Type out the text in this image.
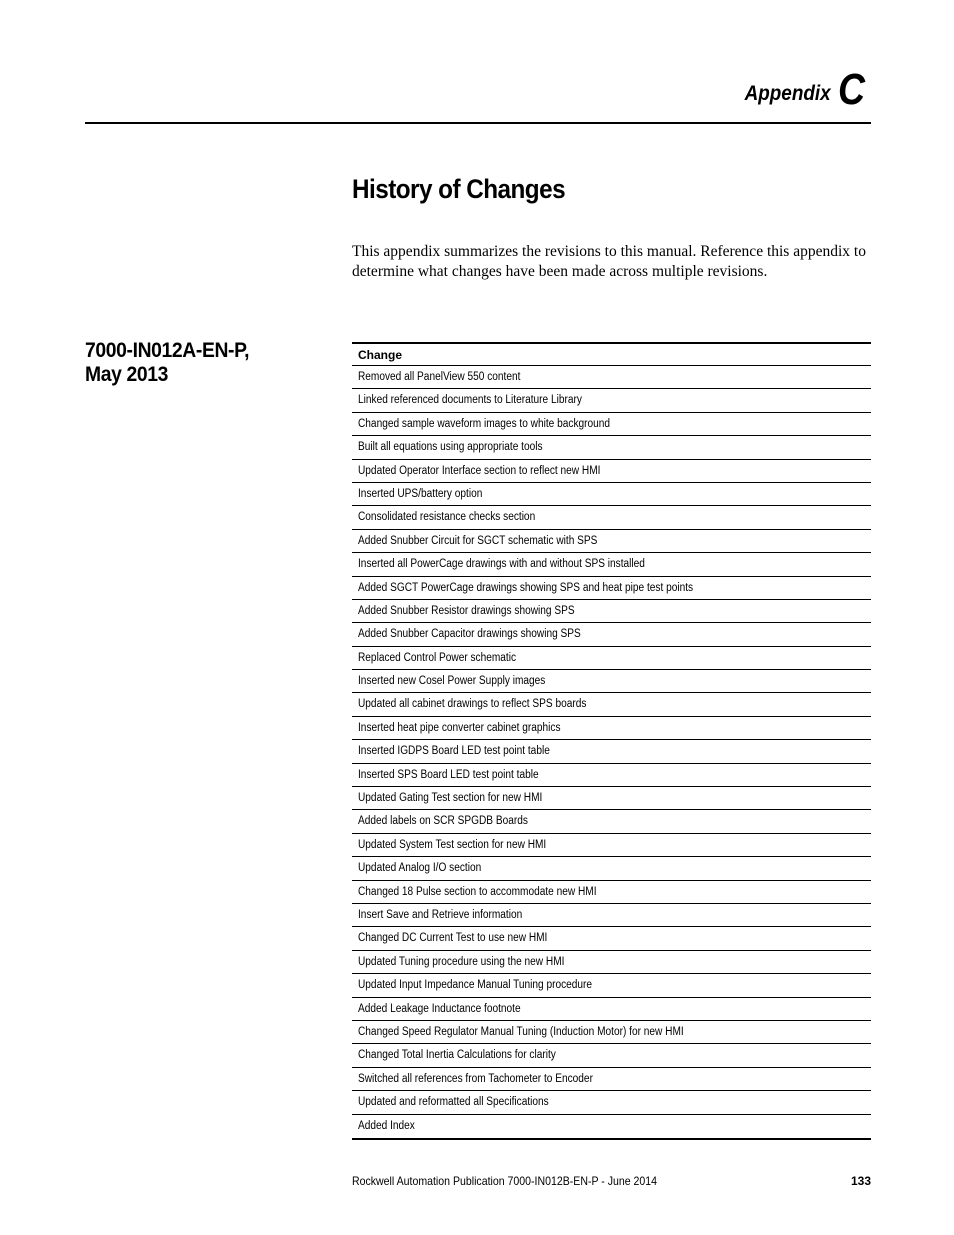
Appendix C
History of Changes

This appendix summarizes the revisions to this manual. Reference this appendix to determine what changes have been made across multiple revisions.

7000-IN012A-EN-P,
May 2013
Change
Removed all PanelView 550 content
Linked referenced documents to Literature Library
Changed sample waveform images to white background
Built all equations using appropriate tools
Updated Operator Interface section to reflect new HMI
Inserted UPS/battery option
Consolidated resistance checks section
Added Snubber Circuit for SGCT schematic with SPS
Inserted all PowerCage drawings with and without SPS installed
Added SGCT PowerCage drawings showing SPS and heat pipe test points
Added Snubber Resistor drawings showing SPS
Added Snubber Capacitor drawings showing SPS
Replaced Control Power schematic
Inserted new Cosel Power Supply images
Updated all cabinet drawings to reflect SPS boards
Inserted heat pipe converter cabinet graphics
Inserted IGDPS Board LED test point table
Inserted SPS Board LED test point table
Updated Gating Test section for new HMI
Added labels on SCR SPGDB Boards
Updated System Test section for new HMI
Updated Analog I/O section
Changed 18 Pulse section to accommodate new HMI
Insert Save and Retrieve information
Changed DC Current Test to use new HMI
Updated Tuning procedure using the new HMI
Updated Input Impedance Manual Tuning procedure
Added Leakage Inductance footnote
Changed Speed Regulator Manual Tuning (Induction Motor) for new HMI
Changed Total Inertia Calculations for clarity
Switched all references from Tachometer to Encoder
Updated and reformatted all Specifications
Added Index
Rockwell Automation Publication 7000-IN012B-EN-P - June 2014	133
